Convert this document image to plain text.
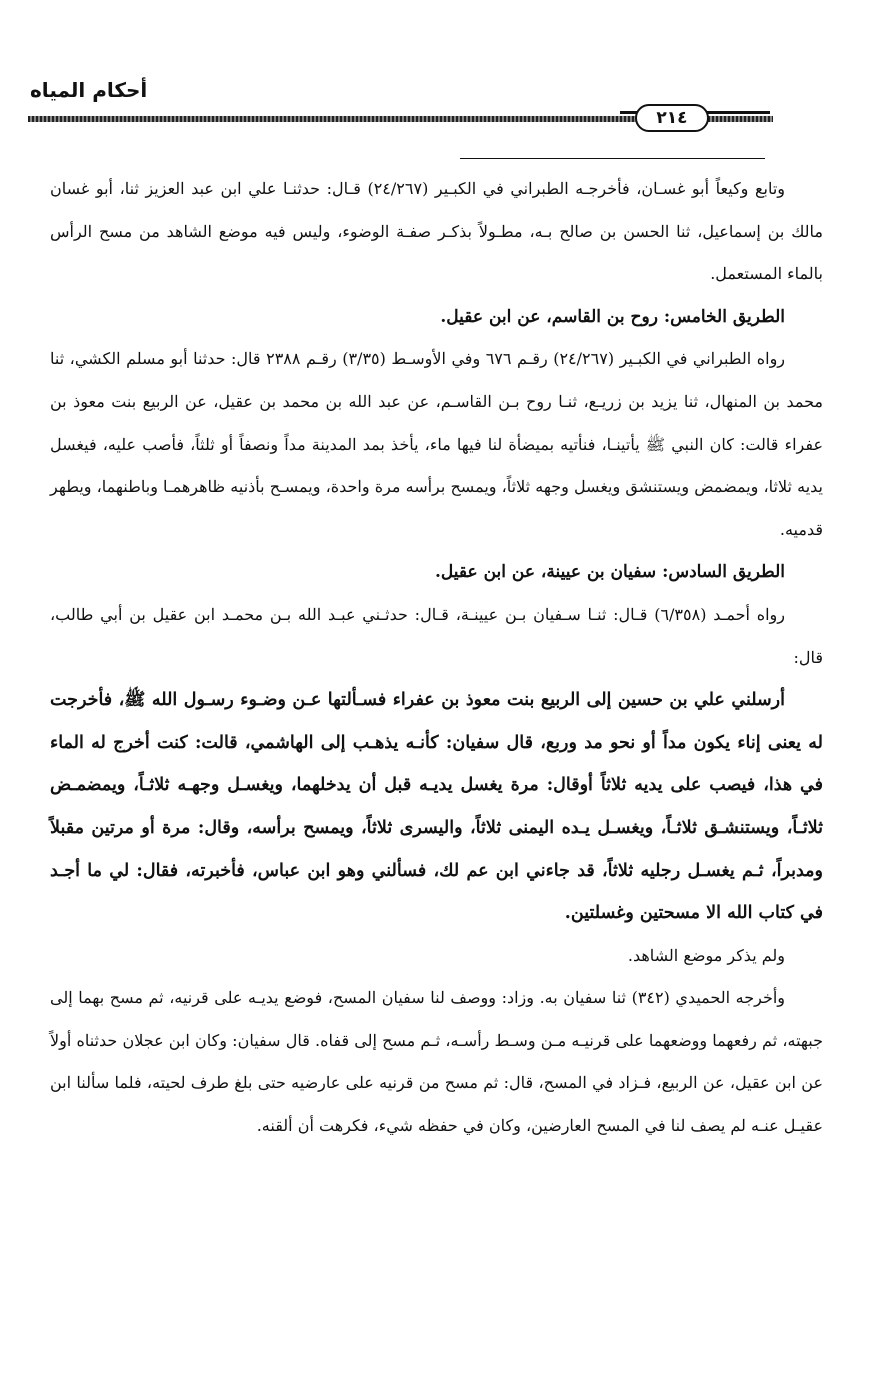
أحكام المياه
٢١٤

وتابع وكيعاً أبو غسـان، فأخرجـه الطبراني في الكبـير (٢٤/٢٦٧) قـال: حدثنـا علي ابن عبد العزيز ثنا، أبو غسان مالك بن إسماعيل، ثنا الحسن بن صالح بـه، مطـولاً بذكـر صفـة الوضوء، وليس فيه موضع الشاهد من مسح الرأس بالماء المستعمل.

الطريق الخامس: روح بن القاسم، عن ابن عقيل.

رواه الطبراني في الكبـير (٢٤/٢٦٧) رقـم ٦٧٦ وفي الأوسـط (٣/٣٥) رقـم ٢٣٨٨ قال: حدثنا أبو مسلم الكشي، ثنا محمد بن المنهال، ثنا يزيد بن زريـع، ثنـا روح بـن القاسـم، عن عبد الله بن محمد بن عقيل، عن الربيع بنت معوذ بن عفراء قالت: كان النبي ﷺ يأتينـا، فنأتيه بميضأة لنا فيها ماء، يأخذ بمد المدينة مداً ونصفاً أو ثلثاً، فأصب عليه، فيغسل يديه ثلاثا، ويمضمض ويستنشق ويغسل وجهه ثلاثاً، ويمسح برأسه مرة واحدة، ويمسـح بأذنيه ظاهرهمـا وباطنهما، ويطهر قدميه.

الطريق السادس: سفيان بن عيينة، عن ابن عقيل.

رواه أحمـد (٦/٣٥٨) قـال: ثنـا سـفيان بـن عيينـة، قـال: حدثـني عبـد الله بـن محمـد ابن عقيل بن أبي طالب، قال:

أرسلني علي بن حسين إلى الربيع بنت معوذ بن عفراء فسـألتها عـن وضـوء رسـول الله ﷺ، فأخرجت له يعنى إناء يكون مداً أو نحو مد وربع، قال سفيان: كأنـه يذهـب إلى الهاشمي، قالت: كنت أخرج له الماء في هذا، فيصب على يديه ثلاثاً أوقال: مرة يغسل يديـه قبل أن يدخلهما، ويغسـل وجهـه ثلاثـاً، ويمضمـض ثلاثـاً، ويستنشـق ثلاثـاً، ويغسـل يـده اليمنى ثلاثاً، واليسرى ثلاثاً، ويمسح برأسه، وقال: مرة أو مرتين مقبلاً ومدبراً، ثـم يغسـل رجليه ثلاثاً، قد جاءني ابن عم لك، فسألني وهو ابن عباس، فأخبرته، فقال: لي ما أجـد في كتاب الله الا مسحتين وغسلتين.

ولم يذكر موضع الشاهد.

وأخرجه الحميدي (٣٤٢) ثنا سفيان به. وزاد: ووصف لنا سفيان المسح، فوضع يديـه على قرنيه، ثم مسح بهما إلى جبهته، ثم رفعهما ووضعهما على قرنيـه مـن وسـط رأسـه، ثـم مسح إلى قفاه. قال سفيان: وكان ابن عجلان حدثناه أولاً عن ابن عقيل، عن الربيع، فـزاد في المسح، قال: ثم مسح من قرنيه على عارضيه حتى بلغ طرف لحيته، فلما سألنا ابن عقيـل عنـه لم يصف لنا في المسح العارضين، وكان في حفظه شيء، فكرهت أن ألقنه.
